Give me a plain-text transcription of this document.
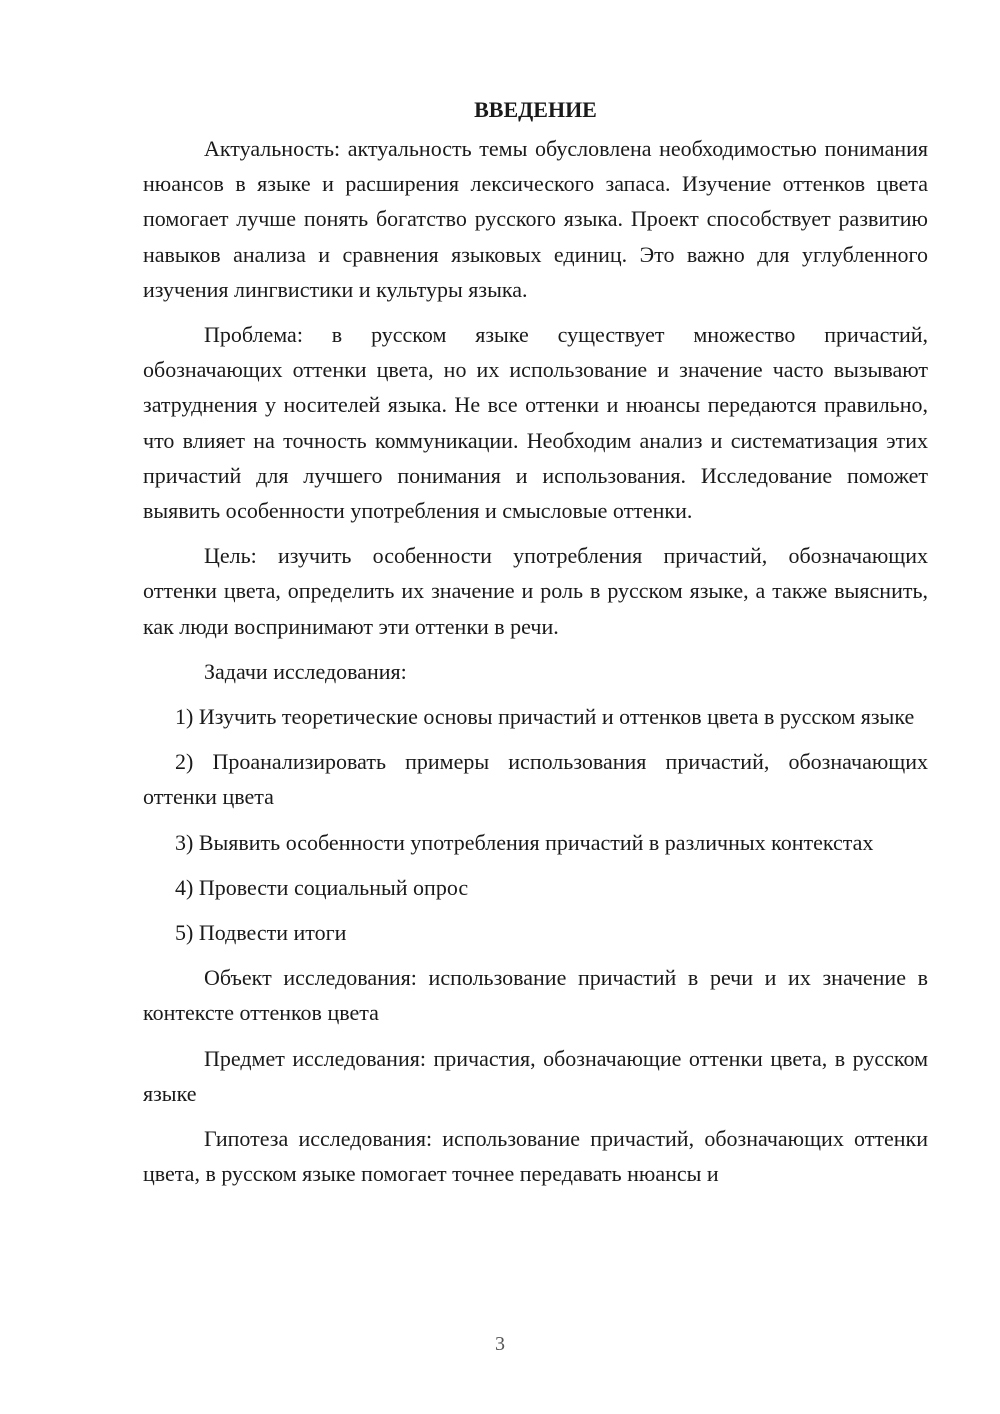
ВВЕДЕНИЕ

Актуальность: актуальность темы обусловлена необходимостью понимания нюансов в языке и расширения лексического запаса. Изучение оттенков цвета помогает лучше понять богатство русского языка. Проект способствует развитию навыков анализа и сравнения языковых единиц. Это важно для углубленного изучения лингвистики и культуры языка.

Проблема: в русском языке существует множество причастий, обозначающих оттенки цвета, но их использование и значение часто вызывают затруднения у носителей языка. Не все оттенки и нюансы передаются правильно, что влияет на точность коммуникации. Необходим анализ и систематизация этих причастий для лучшего понимания и использования. Исследование поможет выявить особенности употребления и смысловые оттенки.

Цель: изучить особенности употребления причастий, обозначающих оттенки цвета, определить их значение и роль в русском языке, а также выяснить, как люди воспринимают эти оттенки в речи.

Задачи исследования:

1) Изучить теоретические основы причастий и оттенков цвета в русском языке

2) Проанализировать примеры использования причастий, обозначающих оттенки цвета

3) Выявить особенности употребления причастий в различных контекстах

4) Провести социальный опрос

5) Подвести итоги

Объект исследования: использование причастий в речи и их значение в контексте оттенков цвета

Предмет исследования: причастия, обозначающие оттенки цвета, в русском языке

Гипотеза исследования: использование причастий, обозначающих оттенки цвета, в русском языке помогает точнее передавать нюансы и

3
